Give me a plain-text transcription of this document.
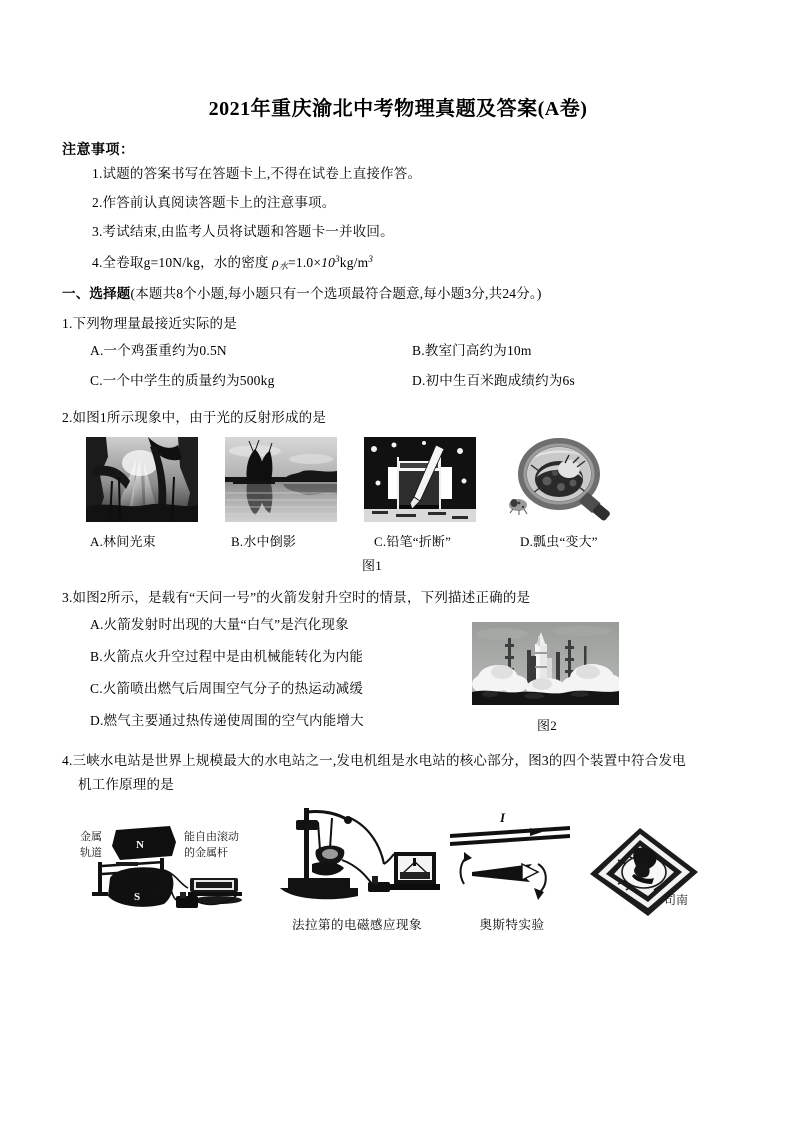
2021年重庆渝北中考物理真题及答案(A卷)
注意事项：
1.试题的答案书写在答题卡上,不得在试卷上直接作答。
2.作答前认真阅读答题卡上的注意事项。
3.考试结束,由监考人员将试题和答题卡一并收回。
4.全卷取g=10N/kg，水的密度 $\rho_水=1.0\times 10^3kg/m^3$
一、选择题(本题共8个小题,每小题只有一个选项最符合题意,每小题3分,共24分。)
1.下列物理量最接近实际的是
A.一个鸡蛋重约为0.5N	B.教室门高约为10m
C.一个中学生的质量约为500kg	D.初中生百米跑成绩约为6s
2.如图1所示现象中，由于光的反射形成的是
A.林间光束	B.水中倒影	C.铅笔“折断”	D.瓢虫“变大”
图1
3.如图2所示，是载有“天问一号”的火箭发射升空时的情景，下列描述正确的是
A.火箭发射时出现的大量“白气”是汽化现象
B.火箭点火升空过程中是由机械能转化为内能
C.火箭喷出燃气后周围空气分子的热运动减缓
D.燃气主要通过热传递使周围的空气内能增大	图2
4.三峡水电站是世界上规模最大的水电站之一,发电机组是水电站的核心部分，图3的四个装置中符合发电
机工作原理的是
金属
轨道
能自由滚动
的金属杆
N
S
法拉第的电磁感应现象
I
奥斯特实验
司南
